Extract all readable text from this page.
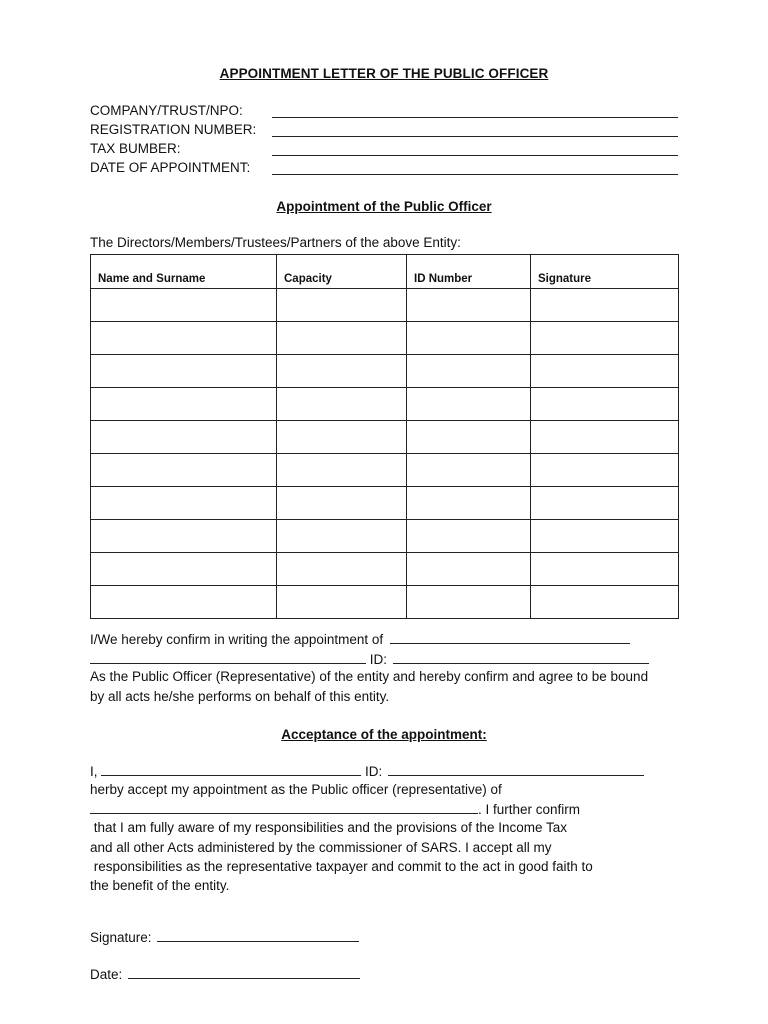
APPOINTMENT LETTER OF THE PUBLIC OFFICER
COMPANY/TRUST/NPO:
REGISTRATION NUMBER:
TAX BUMBER:
DATE OF APPOINTMENT:
Appointment of the Public Officer
The Directors/Members/Trustees/Partners of the above Entity:
Name and Surname	Capacity	ID Number	Signature

I/We hereby confirm in writing the appointment of
ID:
As the Public Officer (Representative) of the entity and hereby confirm and agree to be bound
by all acts he/she performs on behalf of this entity.
Acceptance of the appointment:
I,	ID:
herby accept my appointment as the Public officer (representative) of
. I further confirm
that I am fully aware of my responsibilities and the provisions of the Income Tax
and all other Acts administered by the commissioner of SARS. I accept all my
responsibilities as the representative taxpayer and commit to the act in good faith to
the benefit of the entity.
Signature:
Date:
